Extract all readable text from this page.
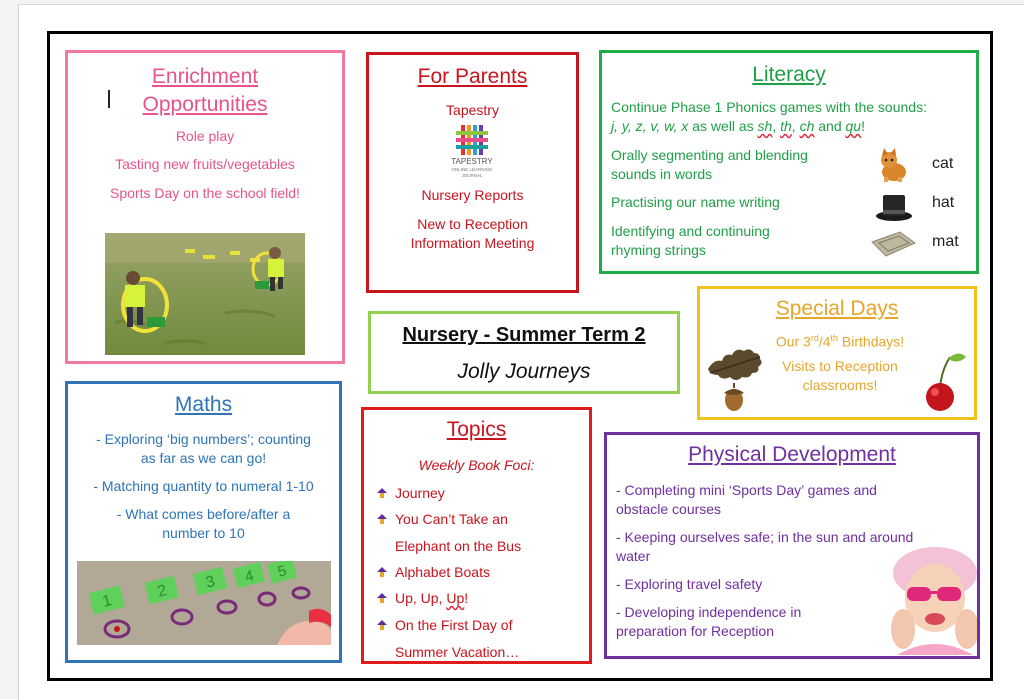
Enrichment
Opportunities
Role play
Tasting new fruits/vegetables
Sports Day on the school field!
For Parents
Tapestry
TAPESTRY
ONLINE LEARNING
JOURNAL
Nursery Reports
New to Reception
Information Meeting
Literacy
Continue Phase 1 Phonics games with the sounds:
j, y, z, v, w, x as well as sh, th, ch and qu!
Orally segmenting and blending
sounds in words
Practising our name writing
Identifying and continuing
rhyming strings
cat
hat
mat
Special Days
Our 3rd/4th Birthdays!
Visits to Reception
classrooms!
Nursery - Summer Term 2
Jolly Journeys
Maths
- Exploring ‘big numbers’; counting
as far as we can go!
- Matching quantity to numeral 1-10
- What comes before/after a
number to 10
1
2 3 4 5
Topics
Weekly Book Foci:
Journey
You Can’t Take an
Elephant on the Bus
Alphabet Boats
Up, Up, Up!
On the First Day of
Summer Vacation…
Physical Development
- Completing mini ‘Sports Day’ games and
obstacle courses
- Keeping ourselves safe; in the sun and around
water
- Exploring travel safety
- Developing independence in
preparation for Reception
